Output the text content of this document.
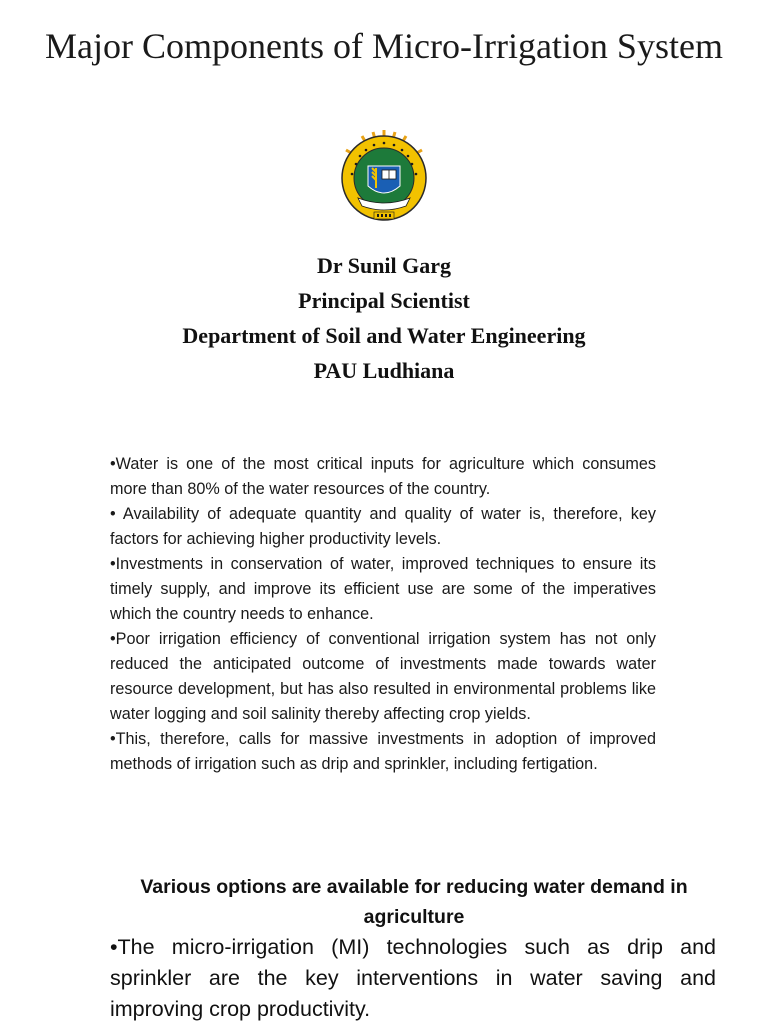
Major Components of Micro-Irrigation System
Dr Sunil Garg
Principal Scientist
Department of Soil and Water Engineering
PAU Ludhiana

•Water is one of the most critical inputs for agriculture which consumes more than 80% of the water resources of the country.

• Availability of adequate quantity and quality of water is, therefore, key factors for achieving higher productivity levels.

•Investments in conservation of water, improved techniques to ensure its timely supply, and improve its efficient use are some of the imperatives which the country needs to enhance.

•Poor irrigation efficiency of conventional irrigation system has not only reduced the anticipated outcome of investments made towards water resource development, but has also resulted in environmental problems like water logging and soil salinity thereby affecting crop yields.

•This, therefore, calls for massive investments in adoption of improved methods of irrigation such as drip and sprinkler, including fertigation.

Various options are available for reducing water demand in agriculture

•The micro-irrigation (MI) technologies such as drip and sprinkler are the key interventions in water saving and improving crop productivity.
